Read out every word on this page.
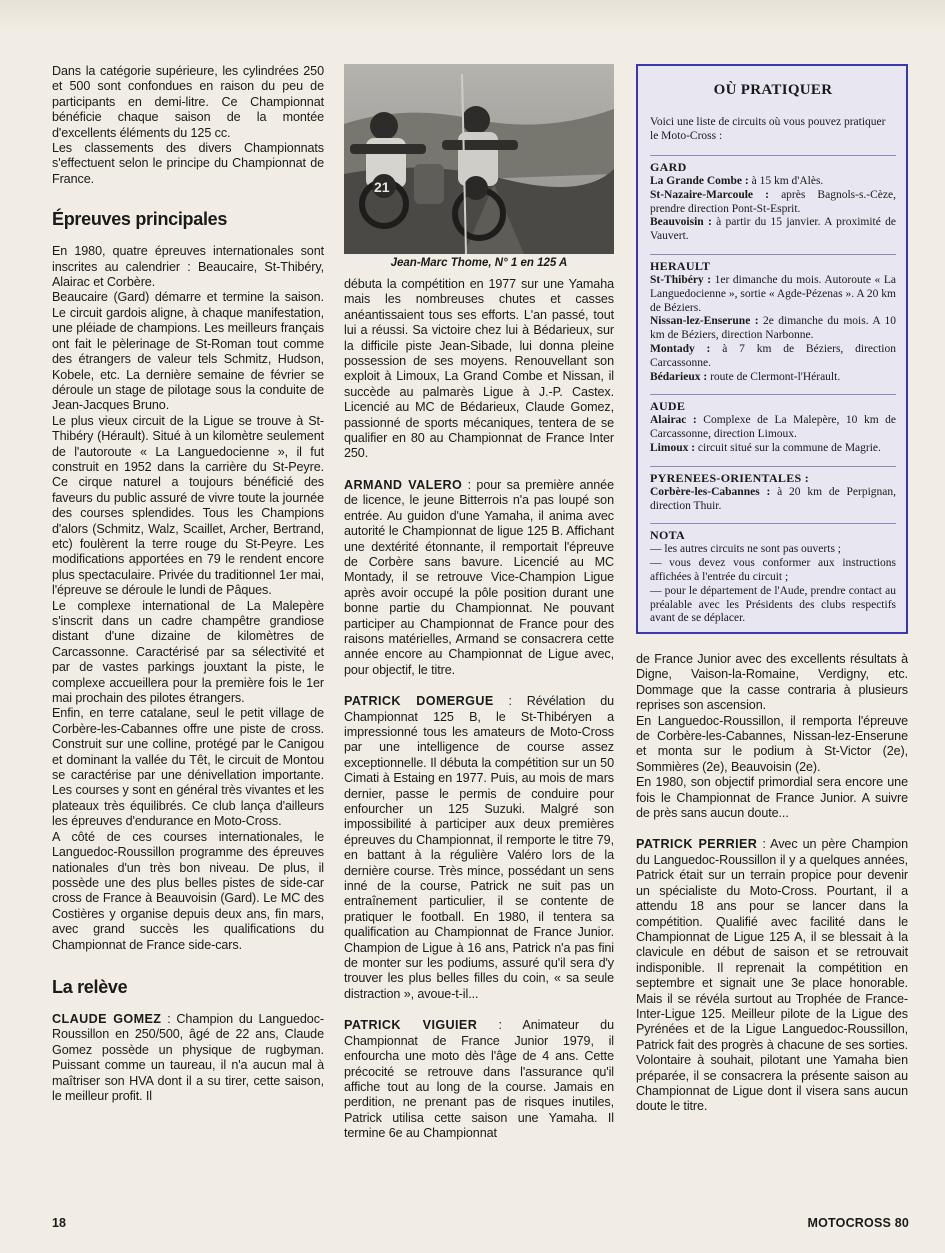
Dans la catégorie supérieure, les cylindrées 250 et 500 sont confondues en raison du peu de participants en demi-litre. Ce Championnat bénéficie chaque saison de la montée d'excellents éléments du 125 cc.

Les classements des divers Championnats s'effectuent selon le principe du Championnat de France.

Épreuves principales

En 1980, quatre épreuves internationales sont inscrites au calendrier : Beaucaire, St-Thibéry, Alairac et Corbère.

Beaucaire (Gard) démarre et termine la saison. Le circuit gardois aligne, à chaque manifestation, une pléiade de champions. Les meilleurs français ont fait le pèlerinage de St-Roman tout comme des étrangers de valeur tels Schmitz, Hudson, Kobele, etc. La dernière semaine de février se déroule un stage de pilotage sous la conduite de Jean-Jacques Bruno.

Le plus vieux circuit de la Ligue se trouve à St-Thibéry (Hérault). Situé à un kilomètre seulement de l'autoroute « La Languedocienne », il fut construit en 1952 dans la carrière du St-Peyre. Ce cirque naturel a toujours bénéficié des faveurs du public assuré de vivre toute la journée des courses splendides. Tous les Champions d'alors (Schmitz, Walz, Scaillet, Archer, Bertrand, etc) foulèrent la terre rouge du St-Peyre. Les modifications apportées en 79 le rendent encore plus spectaculaire. Privée du traditionnel 1er mai, l'épreuve se déroule le lundi de Pâques.

Le complexe international de La Malepère s'inscrit dans un cadre champêtre grandiose distant d'une dizaine de kilomètres de Carcassonne. Caractérisé par sa sélectivité et par de vastes parkings jouxtant la piste, le complexe accueillera pour la première fois le 1er mai prochain des pilotes étrangers.

Enfin, en terre catalane, seul le petit village de Corbère-les-Cabannes offre une piste de cross. Construit sur une colline, protégé par le Canigou et dominant la vallée du Têt, le circuit de Montou se caractérise par une dénivellation importante. Les courses y sont en général très vivantes et les plateaux très équilibrés. Ce club lança d'ailleurs les épreuves d'endurance en Moto-Cross.

A côté de ces courses internationales, le Languedoc-Roussillon programme des épreuves nationales d'un très bon niveau. De plus, il possède une des plus belles pistes de side-car cross de France à Beauvoisin (Gard). Le MC des Costières y organise depuis deux ans, fin mars, avec grand succès les qualifications du Championnat de France side-cars.

La relève

CLAUDE GOMEZ : Champion du Languedoc-Roussillon en 250/500, âgé de 22 ans, Claude Gomez possède un physique de rugbyman. Puissant comme un taureau, il n'a aucun mal à maîtriser son HVA dont il a su tirer, cette saison, le meilleur profit. Il

21

Jean-Marc Thome, N° 1 en 125 A

débuta la compétition en 1977 sur une Yamaha mais les nombreuses chutes et casses anéantissaient tous ses efforts. L'an passé, tout lui a réussi. Sa victoire chez lui à Bédarieux, sur la difficile piste Jean-Sibade, lui donna pleine possession de ses moyens. Renouvellant son exploit à Limoux, La Grand Combe et Nissan, il succède au palmarès Ligue à J.-P. Castex. Licencié au MC de Bédarieux, Claude Gomez, passionné de sports mécaniques, tentera de se qualifier en 80 au Championnat de France Inter 250.

ARMAND VALERO : pour sa première année de licence, le jeune Bitterrois n'a pas loupé son entrée. Au guidon d'une Yamaha, il anima avec autorité le Championnat de ligue 125 B. Affichant une dextérité étonnante, il remportait l'épreuve de Corbère sans bavure. Licencié au MC Montady, il se retrouve Vice-Champion Ligue après avoir occupé la pôle position durant une bonne partie du Championnat. Ne pouvant participer au Championnat de France pour des raisons matérielles, Armand se consacrera cette année encore au Championnat de Ligue avec, pour objectif, le titre.

PATRICK DOMERGUE : Révélation du Championnat 125 B, le St-Thibéryen a impressionné tous les amateurs de Moto-Cross par une intelligence de course assez exceptionnelle. Il débuta la compétition sur un 50 Cimati à Estaing en 1977. Puis, au mois de mars dernier, passe le permis de conduire pour enfourcher un 125 Suzuki. Malgré son impossibilité à participer aux deux premières épreuves du Championnat, il remporte le titre 79, en battant à la régulière Valéro lors de la dernière course. Très mince, possédant un sens inné de la course, Patrick ne suit pas un entraînement particulier, il se contente de pratiquer le football. En 1980, il tentera sa qualification au Championnat de France Junior. Champion de Ligue à 16 ans, Patrick n'a pas fini de monter sur les podiums, assuré qu'il sera d'y trouver les plus belles filles du coin, « sa seule distraction », avoue-t-il...

PATRICK VIGUIER : Animateur du Championnat de France Junior 1979, il enfourcha une moto dès l'âge de 4 ans. Cette précocité se retrouve dans l'assurance qu'il affiche tout au long de la course. Jamais en perdition, ne prenant pas de risques inutiles, Patrick utilisa cette saison une Yamaha. Il termine 6e au Championnat

OÙ PRATIQUER

Voici une liste de circuits où vous pouvez pratiquer le Moto-Cross :

GARD

La Grande Combe : à 15 km d'Alès.

St-Nazaire-Marcoule : après Bagnols-s.-Cèze, prendre direction Pont-St-Esprit.

Beauvoisin : à partir du 15 janvier. A proximité de Vauvert.

HERAULT

St-Thibéry : 1er dimanche du mois. Autoroute « La Languedocienne », sortie « Agde-Pézenas ». A 20 km de Béziers.

Nissan-lez-Enserune : 2e dimanche du mois. A 10 km de Béziers, direction Narbonne.

Montady : à 7 km de Béziers, direction Carcassonne.

Bédarieux : route de Clermont-l'Hérault.

AUDE

Alairac : Complexe de La Malepère, 10 km de Carcassonne, direction Limoux.

Limoux : circuit situé sur la commune de Magrie.

PYRENEES-ORIENTALES :

Corbère-les-Cabannes : à 20 km de Perpignan, direction Thuir.

NOTA

— les autres circuits ne sont pas ouverts ;

— vous devez vous conformer aux instructions affichées à l'entrée du circuit ;

— pour le département de l'Aude, prendre contact au préalable avec les Présidents des clubs respectifs avant de se déplacer.

de France Junior avec des excellents résultats à Digne, Vaison-la-Romaine, Verdigny, etc. Dommage que la casse contraria à plusieurs reprises son ascension.

En Languedoc-Roussillon, il remporta l'épreuve de Corbère-les-Cabannes, Nissan-lez-Enserune et monta sur le podium à St-Victor (2e), Sommières (2e), Beauvoisin (2e).

En 1980, son objectif primordial sera encore une fois le Championnat de France Junior. A suivre de près sans aucun doute...

PATRICK PERRIER : Avec un père Champion du Languedoc-Roussillon il y a quelques années, Patrick était sur un terrain propice pour devenir un spécialiste du Moto-Cross. Pourtant, il a attendu 18 ans pour se lancer dans la compétition. Qualifié avec facilité dans le Championnat de Ligue 125 A, il se blessait à la clavicule en début de saison et se retrouvait indisponible. Il reprenait la compétition en septembre et signait une 3e place honorable. Mais il se révéla surtout au Trophée de France-Inter-Ligue 125. Meilleur pilote de la Ligue des Pyrénées et de la Ligue Languedoc-Roussillon, Patrick fait des progrès à chacune de ses sorties. Volontaire à souhait, pilotant une Yamaha bien préparée, il se consacrera la présente saison au Championnat de Ligue dont il visera sans aucun doute le titre.

18	MOTOCROSS 80
